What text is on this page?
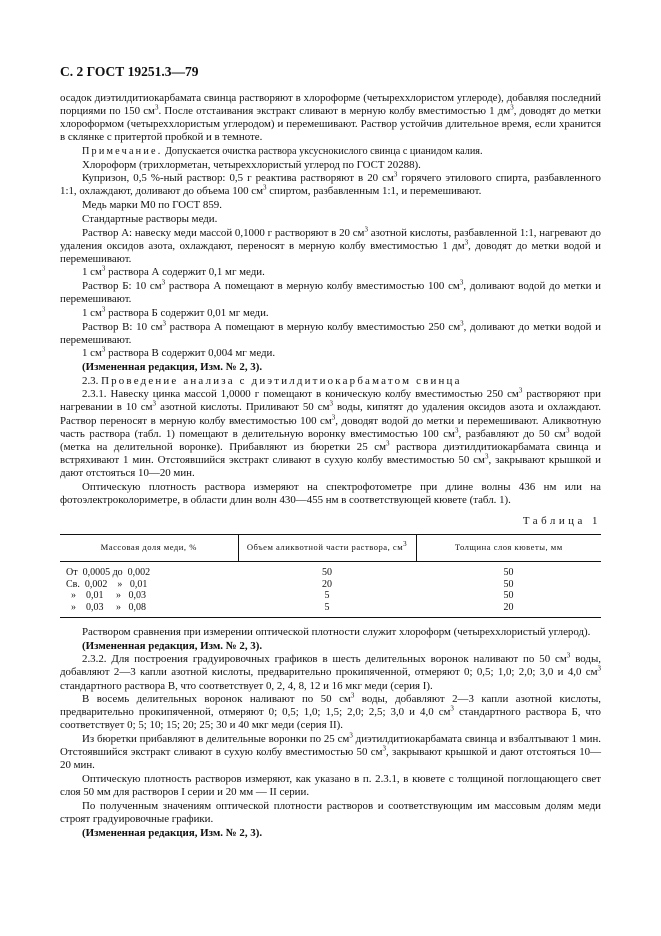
С. 2 ГОСТ 19251.3—79

осадок диэтилдитиокарбамата свинца растворяют в хлороформе (четыреххлористом углероде), добавляя последний порциями по 150 $см^3$. После отстаивания экстракт сливают в мерную колбу вместимостью 1 $дм^3$, доводят до метки хлороформом (четыреххлористым углеродом) и перемешивают. Раствор устойчив длительное время, если хранится в склянке с притертой пробкой и в темноте.

Примечание. Допускается очистка раствора уксуснокислого свинца с цианидом калия.

Хлороформ (трихлорметан, четыреххлористый углерод по ГОСТ 20288).

Купризон, 0,5 %-ный раствор: 0,5 г реактива растворяют в 20 $см^3$ горячего этилового спирта, разбавленного 1:1, охлаждают, доливают до объема 100 $см^3$ спиртом, разбавленным 1:1, и перемешивают.

Медь марки М0 по ГОСТ 859.

Стандартные растворы меди.

Раствор А: навеску меди массой 0,1000 г растворяют в 20 $см^3$ азотной кислоты, разбавленной 1:1, нагревают до удаления оксидов азота, охлаждают, переносят в мерную колбу вместимостью 1 $дм^3$, доводят до метки водой и перемешивают.

1 $см^3$ раствора А содержит 0,1 мг меди.

Раствор Б: 10 $см^3$ раствора А помещают в мерную колбу вместимостью 100 $см^3$, доливают водой до метки и перемешивают.

1 $см^3$ раствора Б содержит 0,01 мг меди.

Раствор В: 10 $см^3$ раствора А помещают в мерную колбу вместимостью 250 $см^3$, доливают до метки водой и перемешивают.

1 $см^3$ раствора В содержит 0,004 мг меди.

(Измененная редакция, Изм. № 2, 3).

2.3. Проведение анализа с диэтилдитиокарбаматом свинца

2.3.1. Навеску цинка массой 1,0000 г помещают в коническую колбу вместимостью 250 $см^3$ растворяют при нагревании в 10 $см^3$ азотной кислоты. Приливают 50 $см^3$ воды, кипятят до удаления оксидов азота и охлаждают. Раствор переносят в мерную колбу вместимостью 100 $см^3$, доводят водой до метки и перемешивают. Аликвотную часть раствора (табл. 1) помещают в делительную воронку вместимостью 100 $см^3$, разбавляют до 50 $см^3$ водой (метка на делительной воронке). Прибавляют из бюретки 25 $см^3$ раствора диэтилдитиокарбамата свинца и встряхивают 1 мин. Отстоявшийся экстракт сливают в сухую колбу вместимостью 50 $см^3$, закрывают крышкой и дают отстояться 10—20 мин.

Оптическую плотность раствора измеряют на спектрофотометре при длине волны 436 нм или на фотоэлектроколориметре, в области длин волн 430—455 нм в соответствующей кювете (табл. 1).

Таблица 1
Массовая доля меди, %	Объем аликвотной части раствора, $см^3$	Толщина слоя кюветы, мм
От  0,0005 до  0,002	50	50
Св.  0,002    »   0,01	20	50
»    0,01     »   0,03	5	50
»    0,03     »   0,08	5	20

Раствором сравнения при измерении оптической плотности служит хлороформ (четыреххлористый углерод).

(Измененная редакция, Изм. № 2, 3).

2.3.2. Для построения градуировочных графиков в шесть делительных воронок наливают по 50 $см^3$ воды, добавляют 2—3 капли азотной кислоты, предварительно прокипяченной, отмеряют 0; 0,5; 1,0; 2,0; 3,0 и 4,0 $см^3$ стандартного раствора В, что соответствует 0, 2, 4, 8, 12 и 16 мкг меди (серия I).

В восемь делительных воронок наливают по 50 $см^3$ воды, добавляют 2—3 капли азотной кислоты, предварительно прокипяченной, отмеряют 0; 0,5; 1,0; 1,5; 2,0; 2,5; 3,0 и 4,0 $см^3$ стандартного раствора Б, что соответствует 0; 5; 10; 15; 20; 25; 30 и 40 мкг меди (серия II).

Из бюретки прибавляют в делительные воронки по 25 $см^3$ диэтилдитиокарбамата свинца и взбалтывают 1 мин. Отстоявшийся экстракт сливают в сухую колбу вместимостью 50 $см^3$, закрывают крышкой и дают отстояться 10—20 мин.

Оптическую плотность растворов измеряют, как указано в п. 2.3.1, в кювете с толщиной поглощающего свет слоя 50 мм для растворов I серии и 20 мм — II серии.

По полученным значениям оптической плотности растворов и соответствующим им массовым долям меди строят градуировочные графики.

(Измененная редакция, Изм. № 2, 3).
